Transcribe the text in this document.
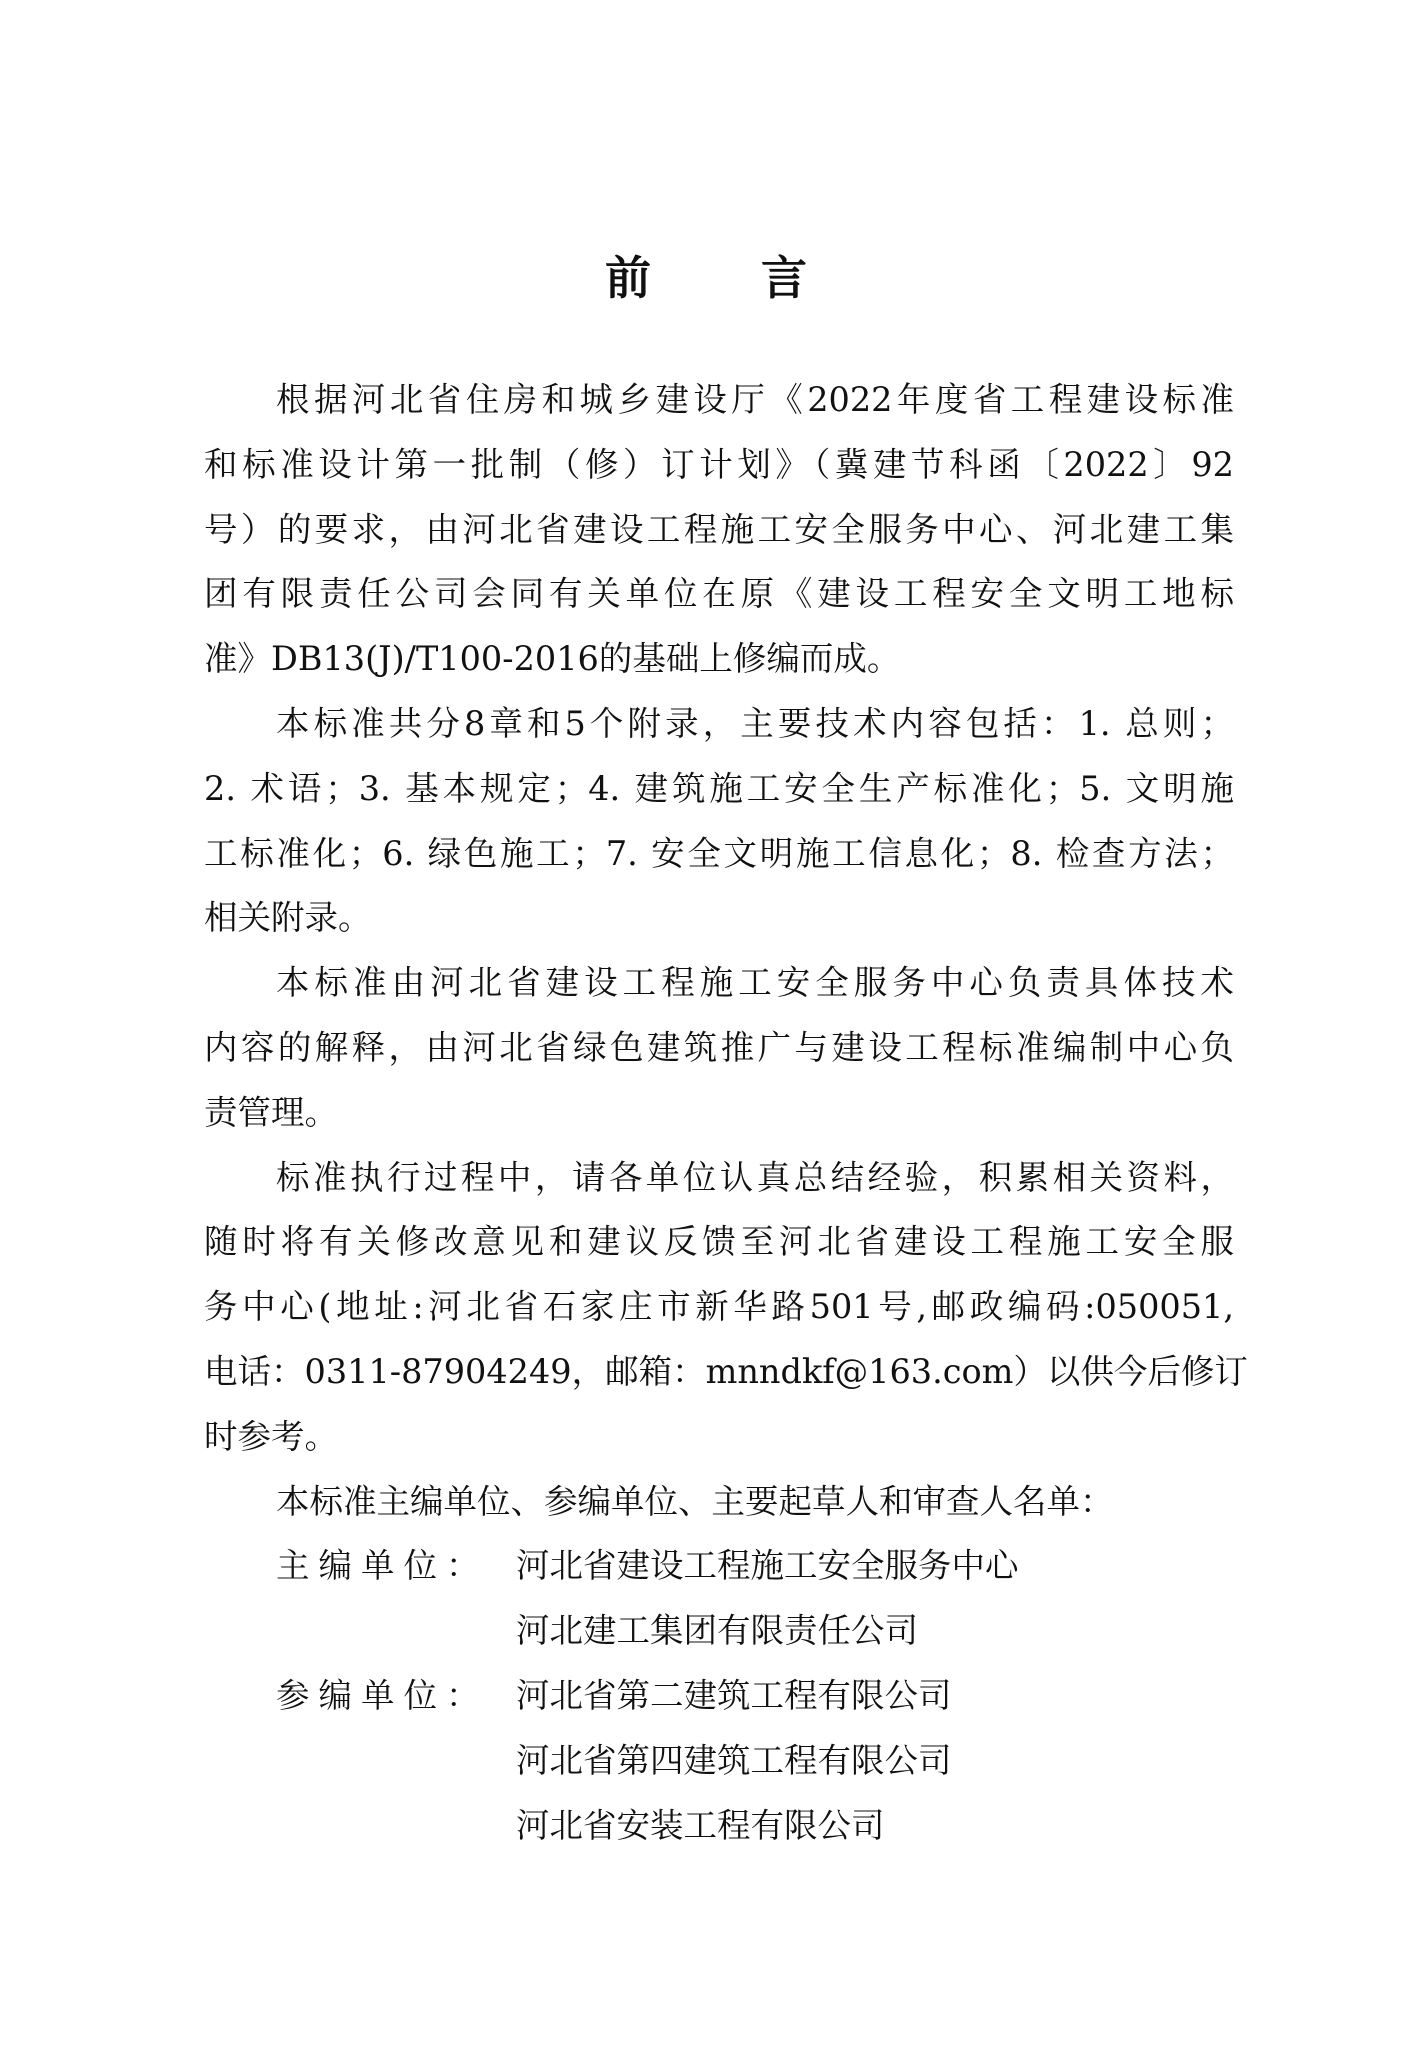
前言
根据河北省住房和城乡建设厅《2022年度省工程建设标准
和标准设计第一批制（修）订计划》（冀建节科函〔2022〕92
号）的要求，由河北省建设工程施工安全服务中心、河北建工集
团有限责任公司会同有关单位在原《建设工程安全文明工地标
准》DB13(J)/T100-2016的基础上修编而成。
本标准共分8章和5个附录，主要技术内容包括：1. 总则；
2. 术语；3. 基本规定；4. 建筑施工安全生产标准化；5. 文明施
工标准化；6. 绿色施工；7. 安全文明施工信息化；8. 检查方法；
相关附录。
本标准由河北省建设工程施工安全服务中心负责具体技术
内容的解释，由河北省绿色建筑推广与建设工程标准编制中心负
责管理。
标准执行过程中，请各单位认真总结经验，积累相关资料，
随时将有关修改意见和建议反馈至河北省建设工程施工安全服
务中心(地址:河北省石家庄市新华路501号,邮政编码:050051,
电话：0311-87904249，邮箱：mnndkf@163.com）以供今后修订
时参考。
本标准主编单位、参编单位、主要起草人和审查人名单：
主编单位： 河北省建设工程施工安全服务中心
河北建工集团有限责任公司
参编单位： 河北省第二建筑工程有限公司
河北省第四建筑工程有限公司
河北省安装工程有限公司
